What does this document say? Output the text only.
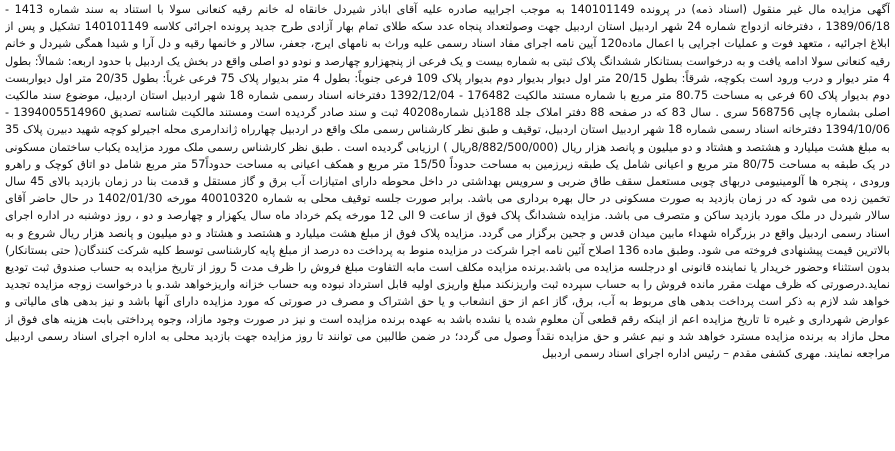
آگهی مزایده مال غیر منقول (اسناد ذمه) در پرونده 140101149 به موجب اجراییه صادره علیه آقای اباذر شیردل خانقاه له خانم رقیه کنعانی سولا با استناد به سند شماره 1413 - 1389/06/18 ، دفترخانه ازدواج شماره 24 شهر اردبیل استان اردبیل جهت وصولتعداد پنجاه عدد سکه طلای تمام بهار آزادی طرح جدید پرونده اجرائی کلاسه 140101149 تشکیل و پس از ابلاغ اجرائیه ، متعهد فوت و عملیات اجرایی با اعمال ماده120 آیین نامه اجرای مفاد اسناد رسمی علیه وراث به نامهای ایرج، جعفر، سالار و خانمها رقیه و دل آرا و شیدا همگی شیردل و خانم رقیه کنعانی سولا ادامه یافت و به درخواست بستانکار ششدانگ پلاک ثبتی به شماره بیست و یک فرعی از پنجهزارو چهارصد و نودو دو اصلی واقع در بخش یک اردبیل با حدود اربعه: شمالاً: بطول 4 متر دیوار و درب ورود است بکوچه، شرقاً: بطول 20/15 متر اول دیوار بدیوار دوم بدیوار پلاک 109 فرعی جنوباً: بطول 4 متر بدیوار پلاک 75 فرعی غرباً: بطول 20/35 متر اول دیواربست دوم بدیوار پلاک 60 فرعی به مساحت 80.75 متر مربع با شماره مستند مالکیت 176482 - 1392/12/04 دفترخانه اسناد رسمی شماره 18 شهر اردبیل استان اردبیل، موضوع سند مالکیت اصلی بشماره چاپی 568756 سری . سال 83 که در صفحه 88 دفتر املاک جلد 188ذیل شماره40208 ثبت و سند صادر گردیده است ومستند مالکیت شناسه تصدیق 1394005514960 - 1394/10/06 دفترخانه اسناد رسمی شماره 18 شهر اردبیل استان اردبیل، توقیف و طبق نظر کارشناس رسمی ملک واقع در اردبیل چهارراه ژاندارمری محله اجیرلو کوچه شهید دبیرن پلاک 35 به مبلغ هشت میلیارد و هشتصد و هشتاد و دو میلیون و پانصد هزار ریال (8/882/500/000ریال ) ارزیابی گردیده است . طبق نظر کارشناس رسمی ملک مورد مزایده یکباب ساختمان مسکونی در یک طبقه به مساحت 80/75 متر مربع و اعیانی شامل یک طبقه زیرزمین به مساحت حدوداً 15/50 متر مربع و همکف اعیانی به مساحت حدوداً57 متر مربع شامل دو اتاق کوچک و راهرو ورودی ، پنجره ها آلومینیومی دربهای چوبی مستعمل سقف طاق ضربی و سرویس بهداشتی در داخل محوطه دارای امتیازات آب برق و گاز مستقل و قدمت بنا در زمان بازدید بالای 45 سال تخمین زده می شود که در زمان بازدید به صورت مسکونی در حال بهره برداری می باشد. برابر صورت جلسه توقیف محلی به شماره 40010320 مورخه 1402/01/30 در حال حاضر آقای سالار شیردل در ملک مورد بازدید ساکن و متصرف می باشد. مزایده ششدانگ پلاک فوق از ساعت 9 الی 12 مورخه یکم خرداد ماه سال یکهزار و چهارصد و دو ، روز دوشنبه در اداره اجرای اسناد رسمی اردبیل واقع در بزرگراه شهداء مابین میدان قدس و جحین برگزار می گردد. مزایده پلاک فوق از مبلغ هشت میلیارد و هشتصد و هشتاد و دو میلیون و پانصد هزار ریال شروع و به بالاترین قیمت پیشنهادی فروخته می شود. وطبق ماده 136 اصلاح آئین نامه اجرا شرکت در مزایده منوط به پرداخت ده درصد از مبلغ پایه کارشناسی توسط کلیه شرکت کنندگان( حتی بستانکار) بدون استثناء وحضور خریدار یا نماینده قانونی او درجلسه مزایده می باشد.برنده مزایده مکلف است مابه التفاوت مبلغ فروش را ظرف مدت 5 روز از تاریخ مزایده به حساب صندوق ثبت تودیع نماید.درصورتی که ظرف مهلت مقرر مانده فروش را به حساب سپرده ثبت واریزنکند مبلغ واریزی اولیه قابل استرداد نبوده وبه حساب خزانه واریزخواهد شد.و با درخواست زوجه مزایده تجدید خواهد شد لازم به ذکر است پرداخت بدهی های مربوط به آب، برق، گاز اعم از حق انشعاب و یا حق اشتراک و مصرف در صورتی که مورد مزایده دارای آنها باشد و نیز بدهی های مالیاتی و عوارض شهرداری و غیره تا تاریخ مزایده اعم از اینکه رقم قطعی آن معلوم شده یا نشده باشد به عهده برنده مزایده است و نیز در صورت وجود مازاد، وجوه پرداختی بابت هزینه های فوق از محل مازاد به برنده مزایده مسترد خواهد شد و نیم عشر و حق مزایده نقداً وصول می گردد؛ در ضمن طالبین می توانند تا روز مزایده جهت بازدید محلی به اداره اجرای اسناد رسمی اردبیل مراجعه نمایند. مهری کشفی مقدم – رئیس اداره اجرای اسناد رسمی اردبیل
